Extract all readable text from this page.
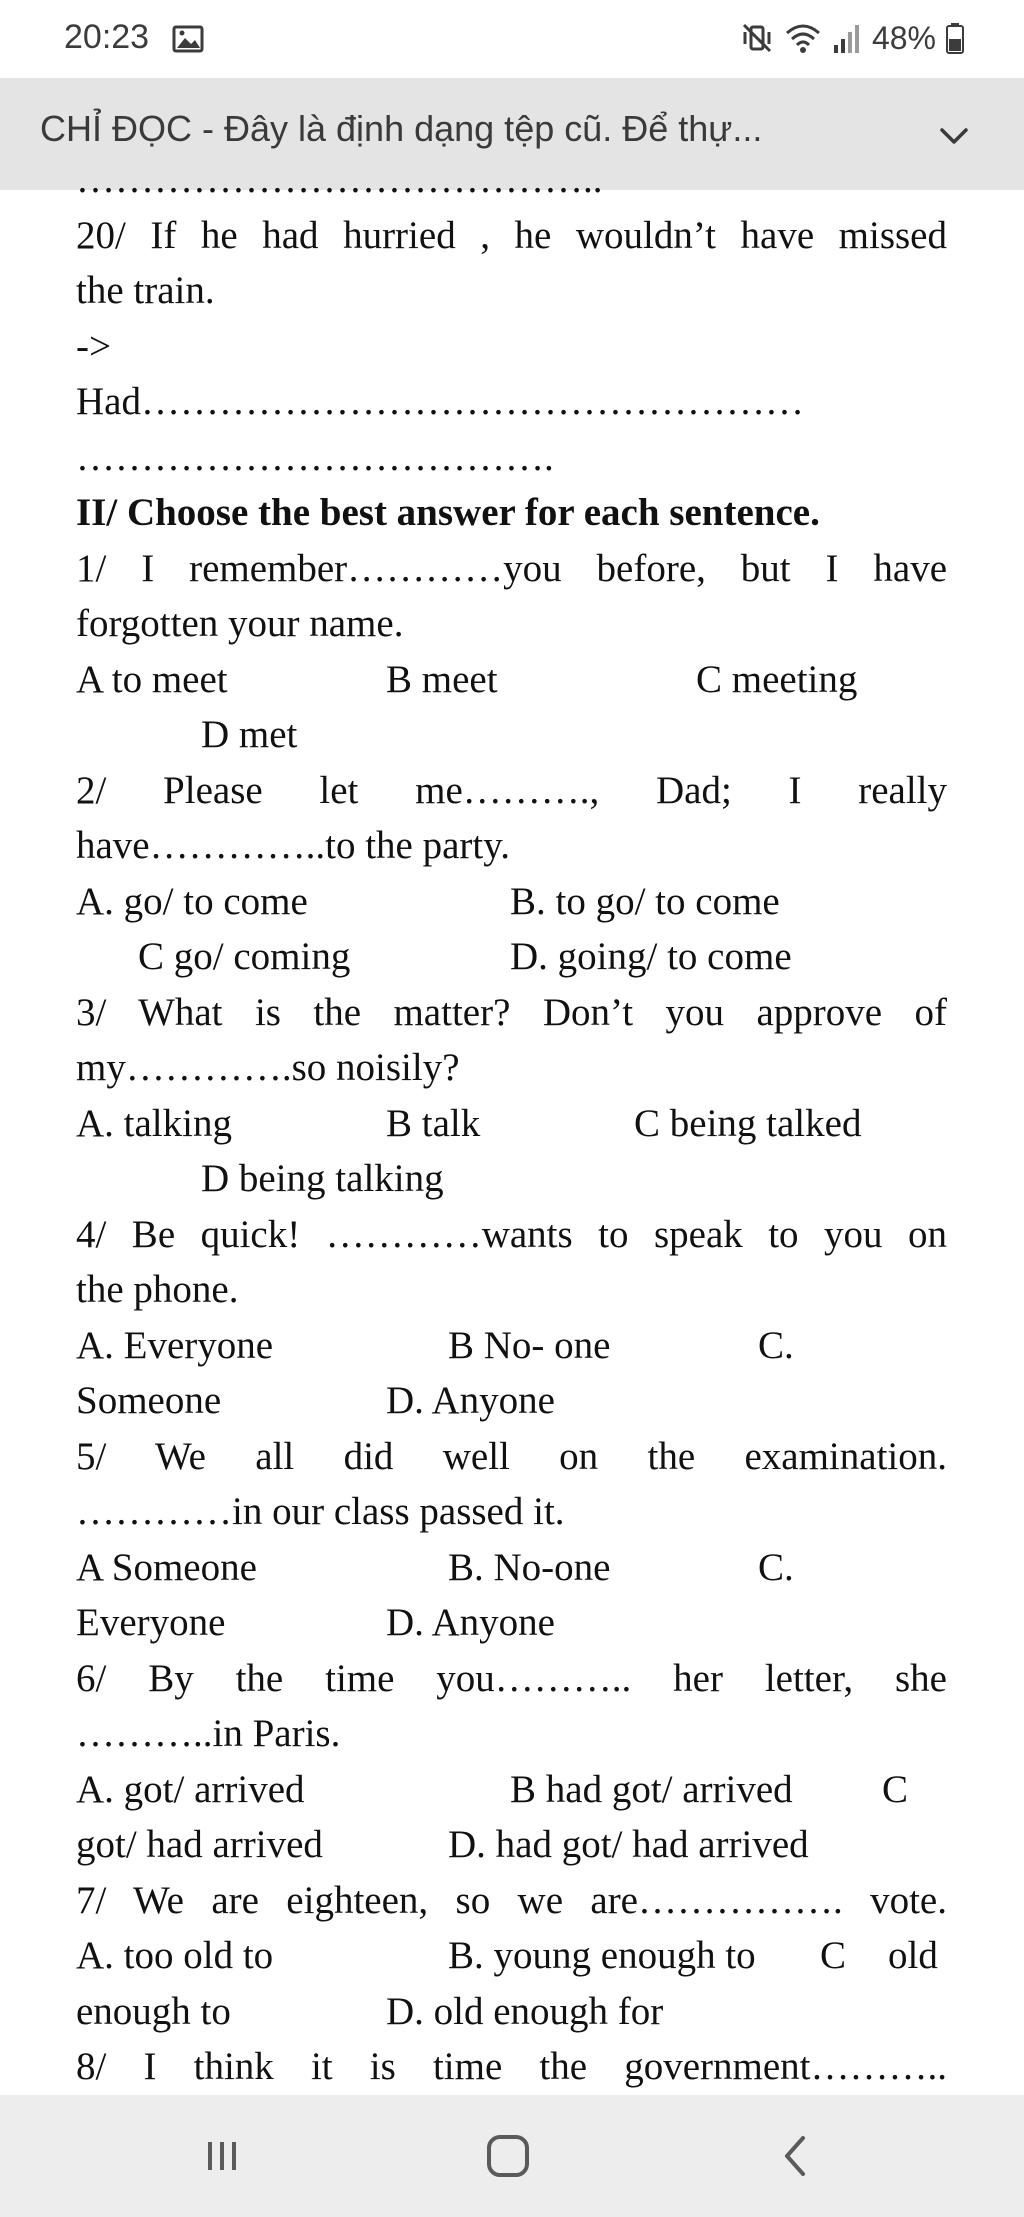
20:23	48%
CHỈ ĐỌC - Đây là định dạng tệp cũ. Để thự...
…………………………………..
20/ If he had hurried , he wouldn’t have missed
the train.
->
Had……………………………………………
……………………………….
II/ Choose the best answer for each sentence.
1/ I remember…………you before, but I have
forgotten your name.
A to meet	B meet	C meeting
D met
2/ Please let me………., Dad; I really
have…………..to the party.
A. go/ to come	B. to go/ to come
C go/ coming	D. going/ to come
3/ What is the matter? Don’t you approve of
my………….so noisily?
A. talking	B talk	C being talked
D being talking
4/ Be quick! …………wants to speak to you on
the phone.
A. Everyone	B No- one	C.
Someone	D. Anyone
5/ We all did well on the examination.
…………in our class passed it.
A Someone	B. No-one	C.
Everyone	D. Anyone
6/ By the time you……….. her letter, she
………..in Paris.
A. got/ arrived	B had got/ arrived C
got/ had arrived	D. had got/ had arrived
7/ We are eighteen, so we are……………. vote.
A. too old to	B. young enough to C old
enough to	D. old enough for
8/ I think it is time the government………..
